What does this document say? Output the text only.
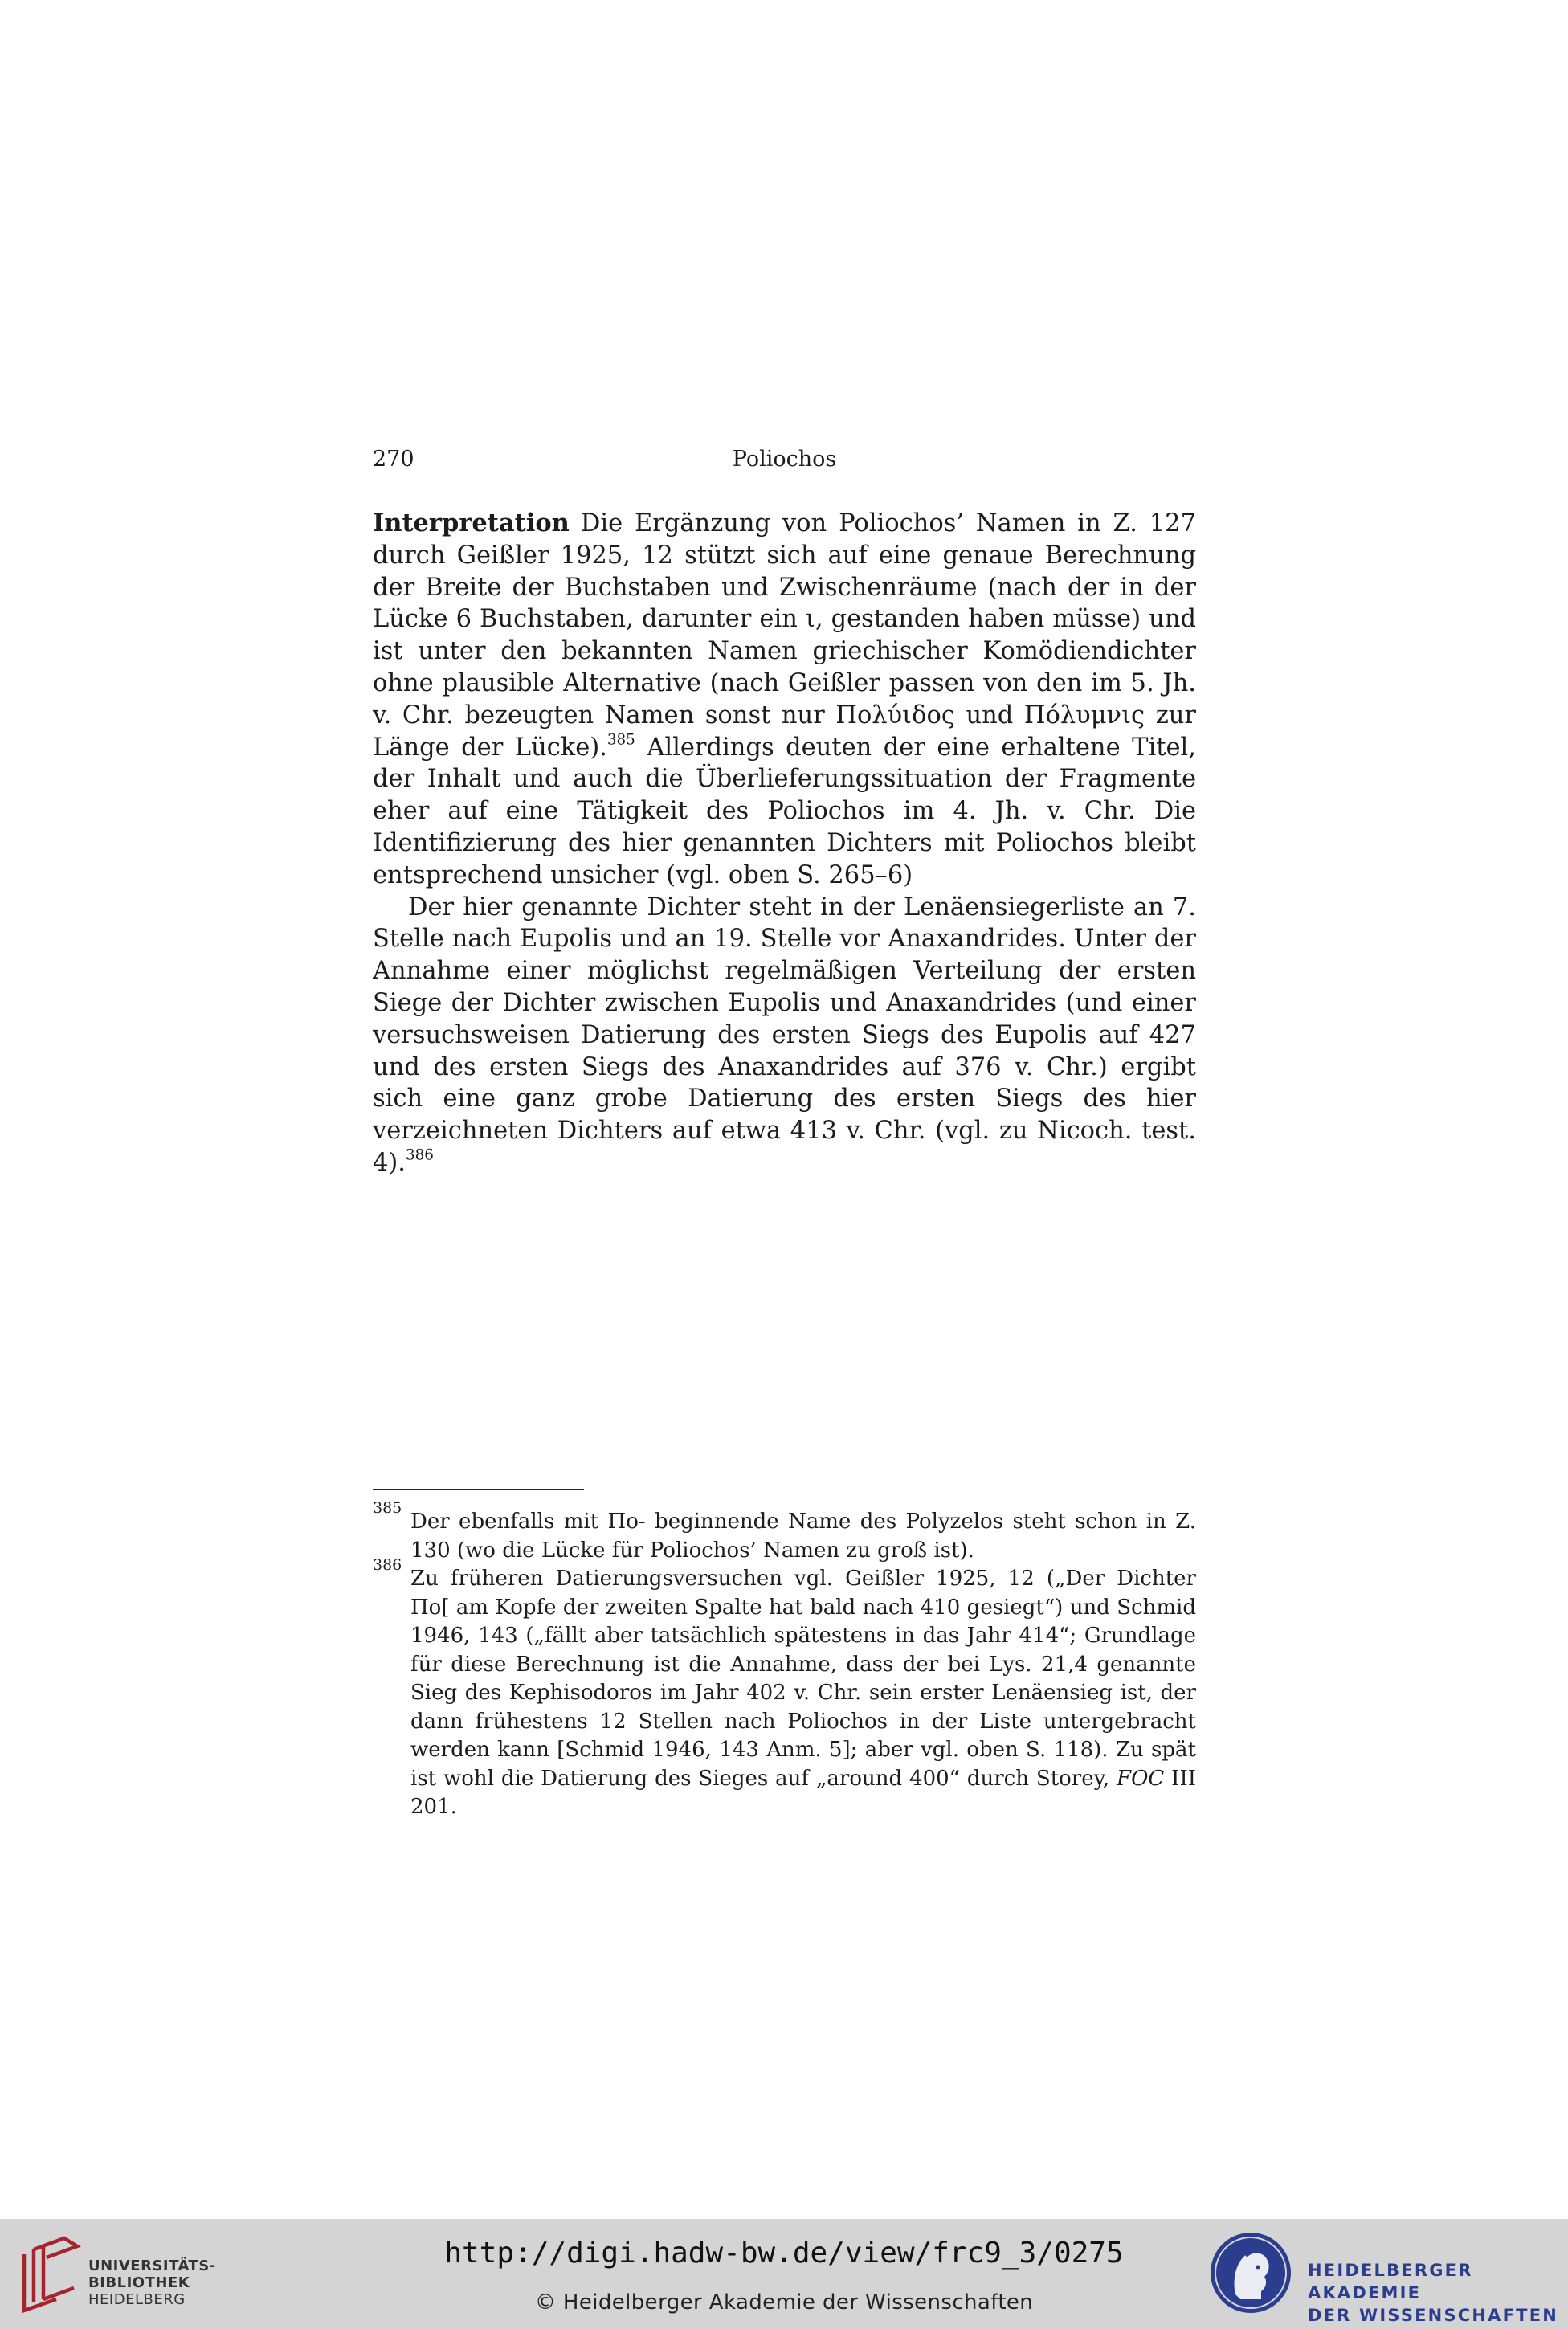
270	Poliochos

Interpretation Die Ergänzung von Poliochos’ Namen in Z. 127 durch Geißler 1925, 12 stützt sich auf eine genaue Berechnung der Breite der Buchstaben und Zwischenräume (nach der in der Lücke 6 Buchstaben, darunter ein ι, gestanden haben müsse) und ist unter den bekannten Namen griechischer Komödiendichter ohne plausible Alternative (nach Geißler passen von den im 5. Jh. v. Chr. bezeugten Namen sonst nur Πολύιδος und Πόλυμνις zur Länge der Lücke).$^{385}$ Allerdings deuten der eine erhaltene Titel, der Inhalt und auch die Überlieferungssituation der Fragmente eher auf eine Tätigkeit des Poliochos im 4. Jh. v. Chr. Die Identifizierung des hier genannten Dichters mit Poliochos bleibt entsprechend unsicher (vgl. oben S. 265–6)

Der hier genannte Dichter steht in der Lenäensiegerliste an 7. Stelle nach Eupolis und an 19. Stelle vor Anaxandrides. Unter der Annahme einer möglichst regelmäßigen Verteilung der ersten Siege der Dichter zwischen Eupolis und Anaxandrides (und einer versuchsweisen Datierung des ersten Siegs des Eupolis auf 427 und des ersten Siegs des Anaxandrides auf 376 v. Chr.) ergibt sich eine ganz grobe Datierung des ersten Siegs des hier verzeichneten Dichters auf etwa 413 v. Chr. (vgl. zu Nicoch. test. 4).$^{386}$

385
Der ebenfalls mit Πο- beginnende Name des Polyzelos steht schon in Z. 130 (wo die Lücke für Poliochos’ Namen zu groß ist).
386
Zu früheren Datierungsversuchen vgl. Geißler 1925, 12 („Der Dichter Πο[ am Kopfe der zweiten Spalte hat bald nach 410 gesiegt“) und Schmid 1946, 143 („fällt aber tatsächlich spätestens in das Jahr 414“; Grundlage für diese Berechnung ist die Annahme, dass der bei Lys. 21,4 genannte Sieg des Kephisodoros im Jahr 402 v. Chr. sein erster Lenäensieg ist, der dann frühestens 12 Stellen nach Poliochos in der Liste untergebracht werden kann [Schmid 1946, 143 Anm. 5]; aber vgl. oben S. 118). Zu spät ist wohl die Datierung des Sieges auf „around 400“ durch Storey, FOC III 201.
UNIVERSITÄTS-
BIBLIOTHEK
HEIDELBERG
http://digi.hadw-bw.de/view/frc9_3/0275
© Heidelberger Akademie der Wissenschaften
HEIDELBERGER AKADEMIE
DER WISSENSCHAFTEN
